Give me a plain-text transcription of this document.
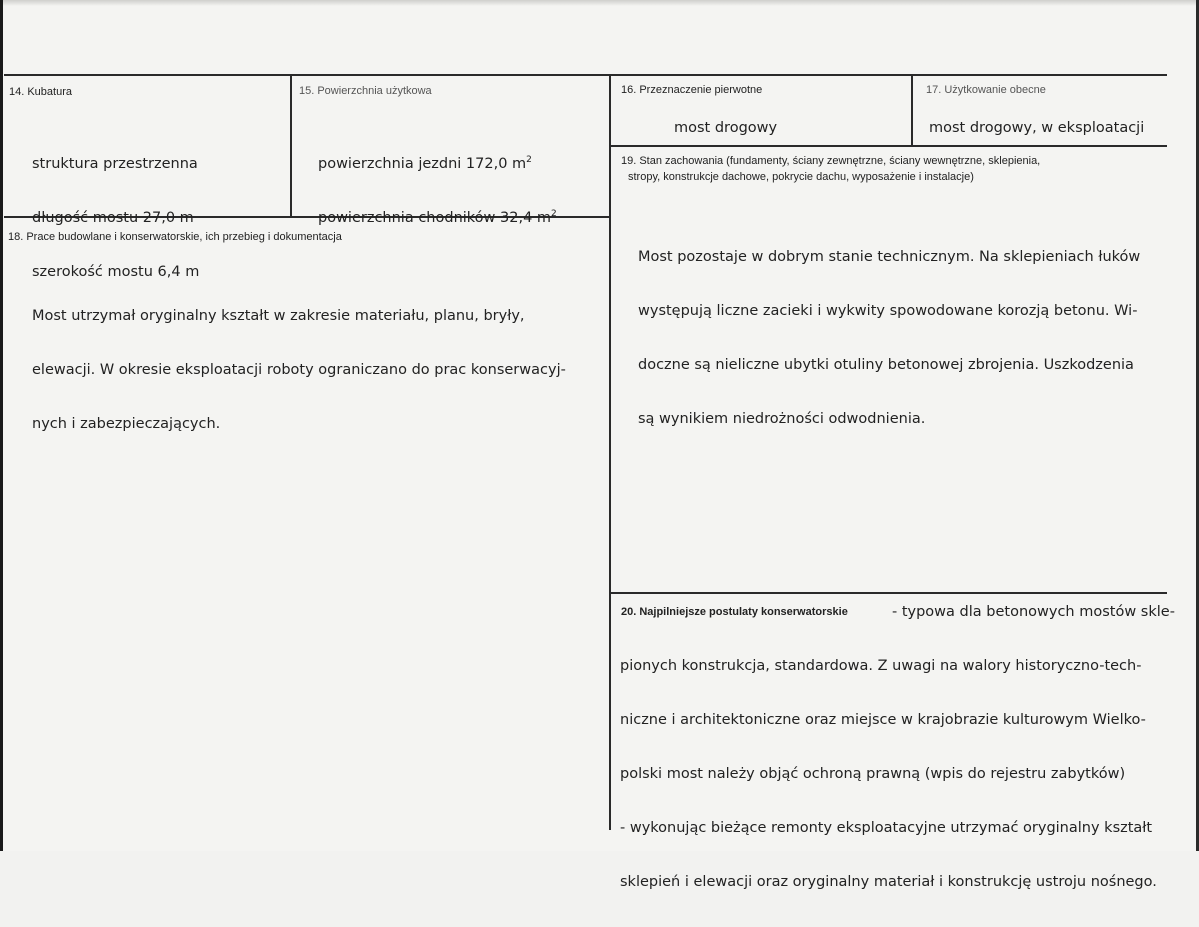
14. Kubatura

struktura przestrzenna

długość mostu 27,0 m

szerokość mostu 6,4 m

15. Powierzchnia użytkowa

powierzchnia jezdni 172,0 $m^2$

powierzchnia chodników 32,4 $m^2$

16. Przeznaczenie pierwotne
most drogowy
17. Użytkowanie obecne
most drogowy, w eksploatacji
19. Stan zachowania (fundamenty, ściany zewnętrzne, ściany wewnętrzne, sklepienia,
stropy, konstrukcje dachowe, pokrycie dachu, wyposażenie i instalacje)

Most pozostaje w dobrym stanie technicznym. Na sklepieniach łuków

występują liczne zacieki i wykwity spowodowane korozją betonu. Wi-

doczne są nieliczne ubytki otuliny betonowej zbrojenia. Uszkodzenia

są wynikiem niedrożności odwodnienia.

18. Prace budowlane i konserwatorskie, ich przebieg i dokumentacja

Most utrzymał oryginalny kształt w zakresie materiału, planu, bryły,

elewacji. W okresie eksploatacji roboty ograniczano do prac konserwacyj-

nych i zabezpieczających.

20. Najpilniejsze postulaty konserwatorskie	- typowa dla betonowych mostów skle-

pionych konstrukcja, standardowa. Z uwagi na walory historyczno-tech-

niczne i architektoniczne oraz miejsce w krajobrazie kulturowym Wielko-

polski most należy objąć ochroną prawną (wpis do rejestru zabytków)

- wykonując bieżące remonty eksploatacyjne utrzymać oryginalny kształt

sklepień i elewacji oraz oryginalny materiał i konstrukcję ustroju nośnego.
